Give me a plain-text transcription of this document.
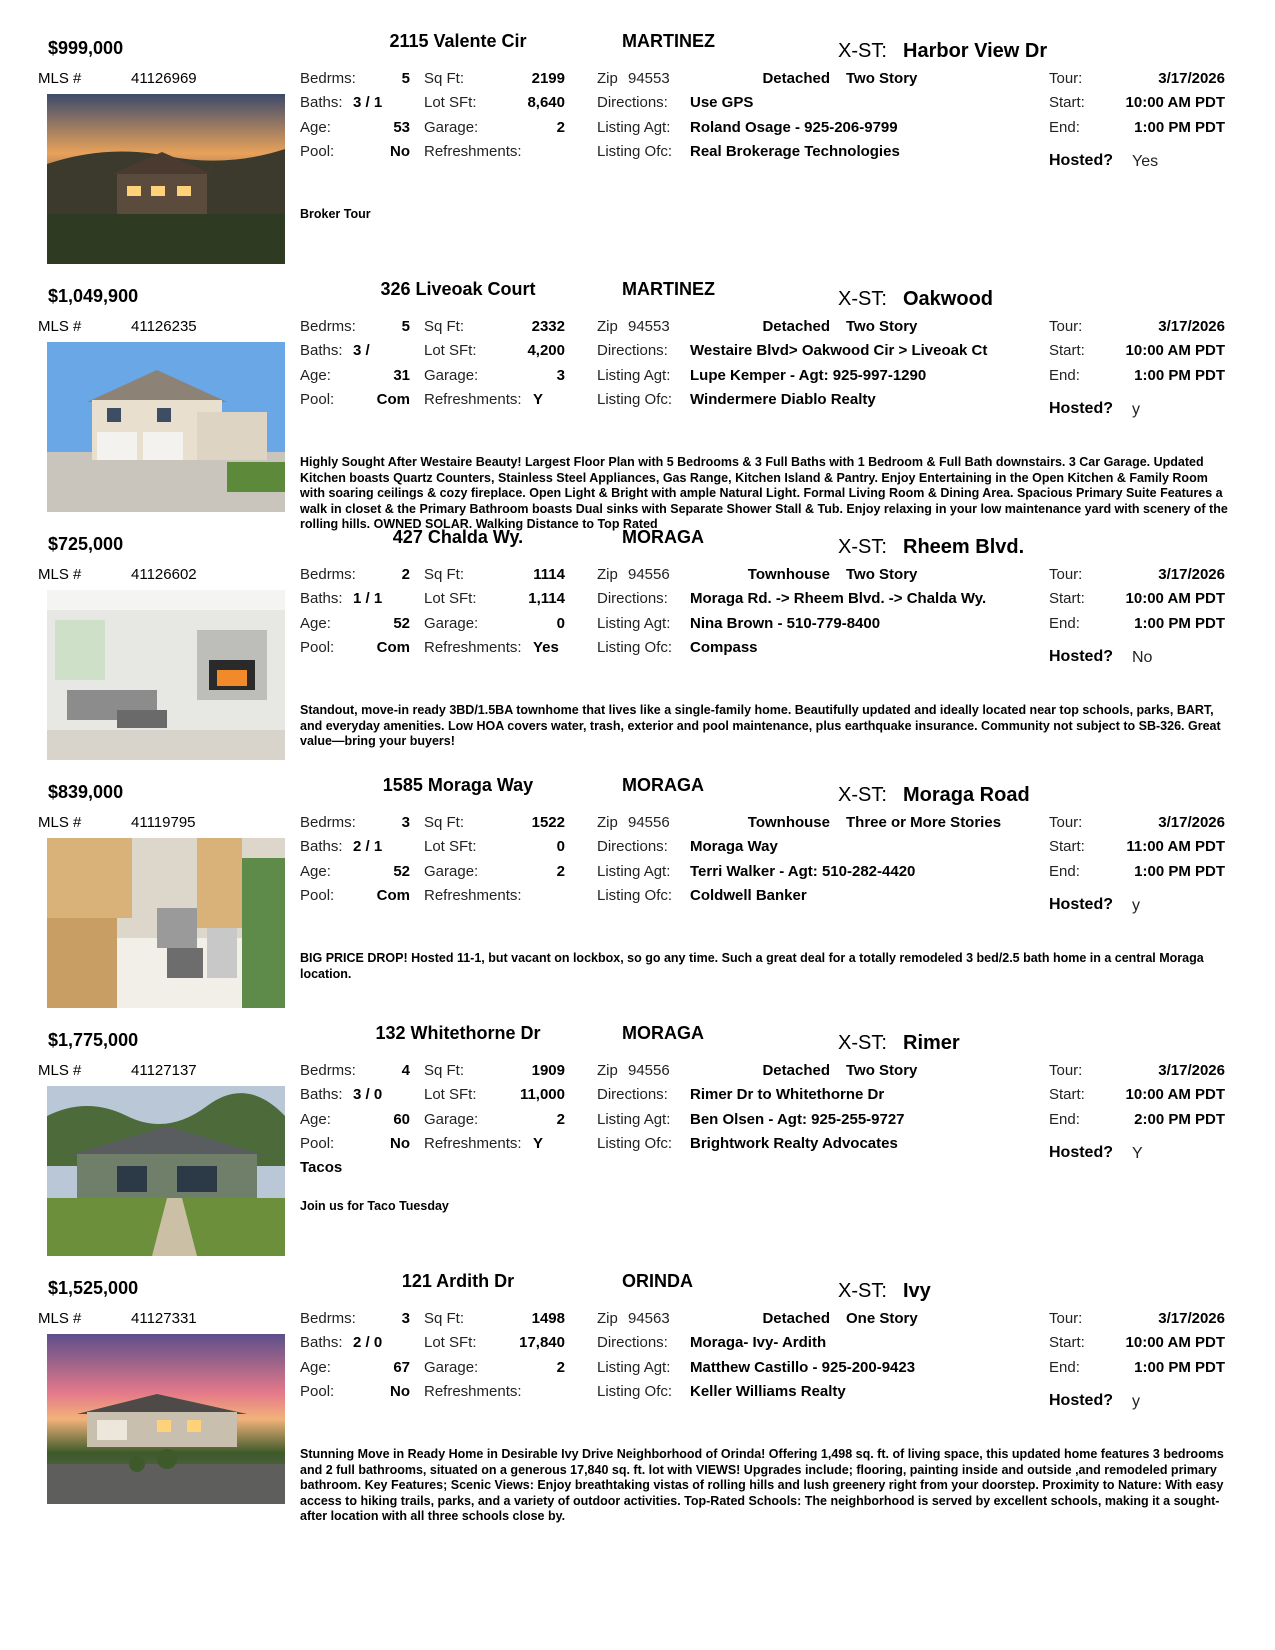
$999,000	2115 Valente Cir	MARTINEZ	X-ST: Harbor View Dr
MLS #	41126969	Bedrms:	5
Baths: 3 / 1
Age:	53
Pool:	No
Sq Ft:	2199
Lot SFt:	8,640
Garage:	2
Refreshments:
Zip 94553	Detached Two Story
Directions: Use GPS
Listing Agt: Roland Osage - 925-206-9799
Listing Ofc: Real Brokerage Technologies
Tour:	3/17/2026
Start:	10:00 AM PDT
End:	1:00 PM PDT
Hosted? Yes
Broker Tour
$1,049,900	326 Liveoak Court	MARTINEZ	X-ST: Oakwood
MLS #	41126235	Bedrms:	5
Baths: 3 /
Age:	31
Pool:	Com
Sq Ft:	2332
Lot SFt:	4,200
Garage:	3
Refreshments: Y
Zip 94553	Detached Two Story
Directions: Westaire Blvd> Oakwood Cir > Liveoak Ct
Listing Agt: Lupe Kemper - Agt: 925-997-1290
Listing Ofc: Windermere Diablo Realty
Tour:	3/17/2026
Start:	10:00 AM PDT
End:	1:00 PM PDT
Hosted? y
Highly Sought After Westaire Beauty! Largest Floor Plan with 5 Bedrooms & 3 Full Baths with 1 Bedroom & Full Bath downstairs. 3 Car Garage. Updated Kitchen boasts Quartz Counters, Stainless Steel Appliances, Gas Range, Kitchen Island & Pantry. Enjoy Entertaining in the Open Kitchen & Family Room with soaring ceilings & cozy fireplace. Open Light & Bright with ample Natural Light. Formal Living Room & Dining Area. Spacious Primary Suite Features a walk in closet & the Primary Bathroom boasts Dual sinks with Separate Shower Stall & Tub. Enjoy relaxing in your low maintenance yard with scenery of the rolling hills. OWNED SOLAR. Walking Distance to Top Rated
$725,000	427 Chalda Wy.	MORAGA	X-ST: Rheem Blvd.
MLS #	41126602	Bedrms:	2
Baths: 1 / 1
Age:	52
Pool:	Com
Sq Ft:	1114
Lot SFt:	1,114
Garage:	0
Refreshments: Yes
Zip 94556	Townhouse Two Story
Directions: Moraga Rd. -> Rheem Blvd. -> Chalda Wy.
Listing Agt: Nina Brown - 510-779-8400
Listing Ofc: Compass
Tour:	3/17/2026
Start:	10:00 AM PDT
End:	1:00 PM PDT
Hosted? No
Standout, move-in ready 3BD/1.5BA townhome that lives like a single-family home. Beautifully updated and ideally located near top schools, parks, BART, and everyday amenities. Low HOA covers water, trash, exterior and pool maintenance, plus earthquake insurance. Community not subject to SB-326. Great value—bring your buyers!
$839,000	1585 Moraga Way	MORAGA	X-ST: Moraga Road
MLS #	41119795	Bedrms:	3
Baths: 2 / 1
Age:	52
Pool:	Com
Sq Ft:	1522
Lot SFt:	0
Garage:	2
Refreshments:
Zip 94556	Townhouse Three or More Stories
Directions: Moraga Way
Listing Agt: Terri Walker - Agt: 510-282-4420
Listing Ofc: Coldwell Banker
Tour:	3/17/2026
Start:	11:00 AM PDT
End:	1:00 PM PDT
Hosted? y
BIG PRICE DROP! Hosted 11-1, but vacant on lockbox, so go any time. Such a great deal for a totally remodeled 3 bed/2.5 bath home in a central Moraga location.
$1,775,000	132 Whitethorne Dr	MORAGA	X-ST: Rimer
MLS #	41127137	Bedrms:	4
Baths: 3 / 0
Age:	60
Pool:	No
Tacos
Sq Ft:	1909
Lot SFt:	11,000
Garage:	2
Refreshments: Y
Zip 94556	Detached Two Story
Directions: Rimer Dr to Whitethorne Dr
Listing Agt: Ben Olsen - Agt: 925-255-9727
Listing Ofc: Brightwork Realty Advocates
Tour:	3/17/2026
Start:	10:00 AM PDT
End:	2:00 PM PDT
Hosted? Y
Join us for Taco Tuesday
$1,525,000	121 Ardith Dr	ORINDA	X-ST: Ivy
MLS #	41127331	Bedrms:	3
Baths: 2 / 0
Age:	67
Pool:	No
Sq Ft:	1498
Lot SFt:	17,840
Garage:	2
Refreshments:
Zip 94563	Detached One Story
Directions: Moraga- Ivy- Ardith
Listing Agt: Matthew Castillo - 925-200-9423
Listing Ofc: Keller Williams Realty
Tour:	3/17/2026
Start:	10:00 AM PDT
End:	1:00 PM PDT
Hosted? y
Stunning Move in Ready Home in Desirable Ivy Drive Neighborhood of Orinda! Offering 1,498 sq. ft. of living space, this updated home features 3 bedrooms and 2 full bathrooms, situated on a generous 17,840 sq. ft. lot with VIEWS! Upgrades include; flooring, painting inside and outside ,and remodeled primary bathroom. Key Features; Scenic Views: Enjoy breathtaking vistas of rolling hills and lush greenery right from your doorstep. Proximity to Nature: With easy access to hiking trails, parks, and a variety of outdoor activities. Top-Rated Schools: The neighborhood is served by excellent schools, making it a sought-after location with all three schools close by.
